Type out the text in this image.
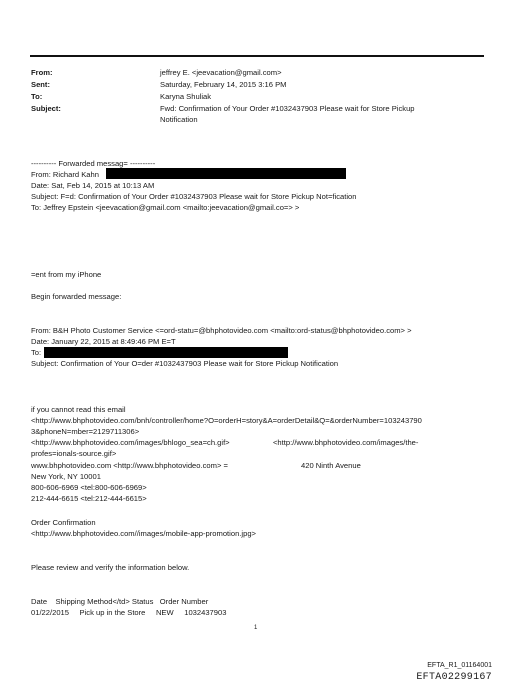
From:	jeffrey E. <jeevacation@gmail.com>
Sent:	Saturday, February 14, 2015 3:16 PM
To:	Karyna Shuliak
Subject:	Fwd: Confirmation of Your Order #1032437903 Please wait for Store Pickup
Notification
---------- Forwarded messag= ----------
From: Richard Kahn
Date: Sat, Feb 14, 2015 at 10:13 AM
Subject: F=d: Confirmation of Your Order #1032437903 Please wait for Store Pickup Not=fication
To: Jeffrey Epstein <jeevacation@gmail.com <mailto:jeevacation@gmail.co=> >
=ent from my iPhone
Begin forwarded message:
From: B&H Photo Customer Service <=ord-statu=@bhphotovideo.com <mailto:ord-status@bhphotovideo.com> >
Date: January 22, 2015 at 8:49:46 PM E=T
To:
Subject: Confirmation of Your O=der #1032437903 Please wait for Store Pickup Notification
if you cannot read this email
<http://www.bhphotovideo.com/bnh/controller/home?O=orderH=story&A=orderDetail&Q=&orderNumber=103243790
3&phoneN=mber=2129711306>
<http://www.bhphotovideo.com/images/bhlogo_sea=ch.gif>	<http://www.bhphotovideo.com/images/the-
profes=ionals-source.gif>
www.bhphotovideo.com <http://www.bhphotovideo.com> =	420 Ninth Avenue
New York, NY 10001
800-606-6969 <tel:800-606-6969>
212-444-6615 <tel:212-444-6615>
Order Confirmation
<http://www.bhphotovideo.com//images/mobile-app-promotion.jpg>
Please review and verify the information below.
Date    Shipping Method</td> Status   Order Number
01/22/2015     Pick up in the Store     NEW     1032437903
1
EFTA_R1_01164001
EFTA02299167
